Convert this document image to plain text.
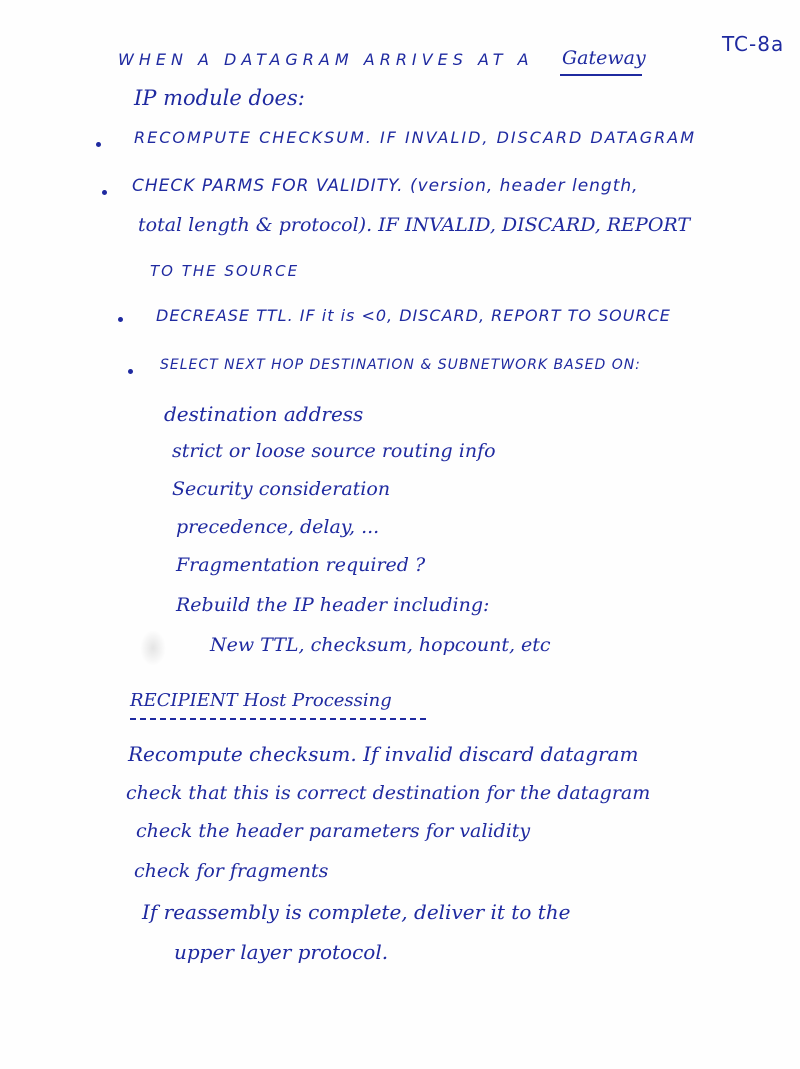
TC-8a
WHEN A DATAGRAM ARRIVES AT A Gateway
IP module does:
RECOMPUTE CHECKSUM. IF INVALID, DISCARD DATAGRAM
CHECK PARMS FOR VALIDITY. (version, header length,
total length & protocol). IF INVALID, DISCARD, REPORT
TO THE SOURCE
DECREASE TTL. IF it is <0, DISCARD, REPORT TO SOURCE
SELECT NEXT HOP DESTINATION & SUBNETWORK BASED ON:
destination address
strict or loose source routing info
Security consideration
precedence, delay, ...
Fragmentation required ?
Rebuild the IP header including:
New TTL, checksum, hopcount, etc
RECIPIENT Host Processing
Recompute checksum. If invalid discard datagram
check that this is correct destination for the datagram
check the header parameters for validity
check for fragments
If reassembly is complete, deliver it to the
upper layer protocol.
